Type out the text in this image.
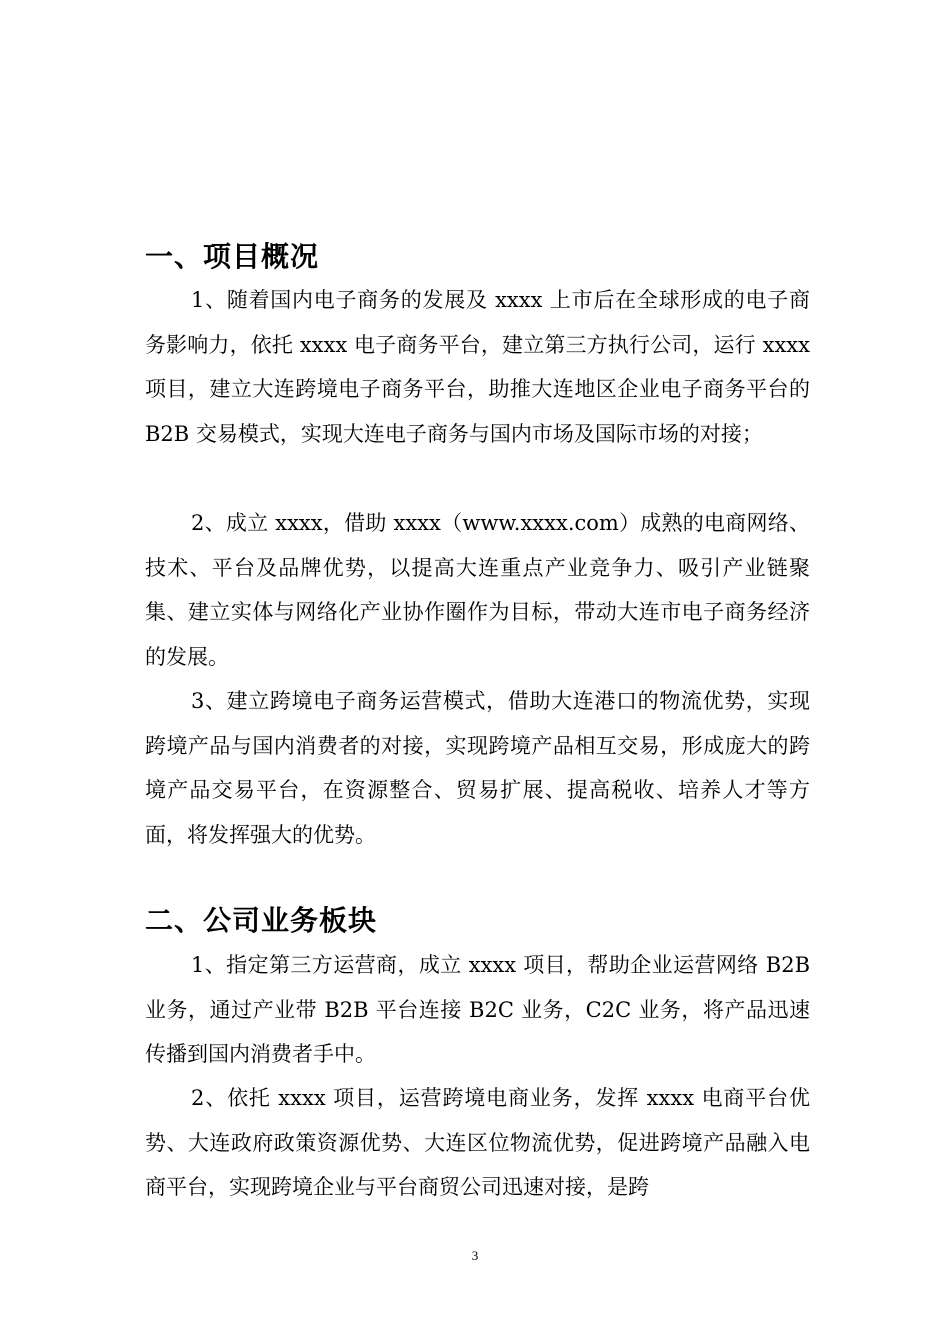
一、项目概况

1、随着国内电子商务的发展及 xxxx 上市后在全球形成的电子商务影响力，依托 xxxx 电子商务平台，建立第三方执行公司，运行 xxxx 项目，建立大连跨境电子商务平台，助推大连地区企业电子商务平台的 B2B 交易模式，实现大连电子商务与国内市场及国际市场的对接；

2、成立 xxxx，借助 xxxx（www.xxxx.com）成熟的电商网络、技术、平台及品牌优势，以提高大连重点产业竞争力、吸引产业链聚集、建立实体与网络化产业协作圈作为目标，带动大连市电子商务经济的发展。

3、建立跨境电子商务运营模式，借助大连港口的物流优势，实现跨境产品与国内消费者的对接，实现跨境产品相互交易，形成庞大的跨境产品交易平台，在资源整合、贸易扩展、提高税收、培养人才等方面，将发挥强大的优势。

二、公司业务板块

1、指定第三方运营商，成立 xxxx 项目，帮助企业运营网络 B2B 业务，通过产业带 B2B 平台连接 B2C 业务，C2C 业务，将产品迅速传播到国内消费者手中。

2、依托 xxxx 项目，运营跨境电商业务，发挥 xxxx 电商平台优势、大连政府政策资源优势、大连区位物流优势，促进跨境产品融入电商平台，实现跨境企业与平台商贸公司迅速对接，是跨

3
